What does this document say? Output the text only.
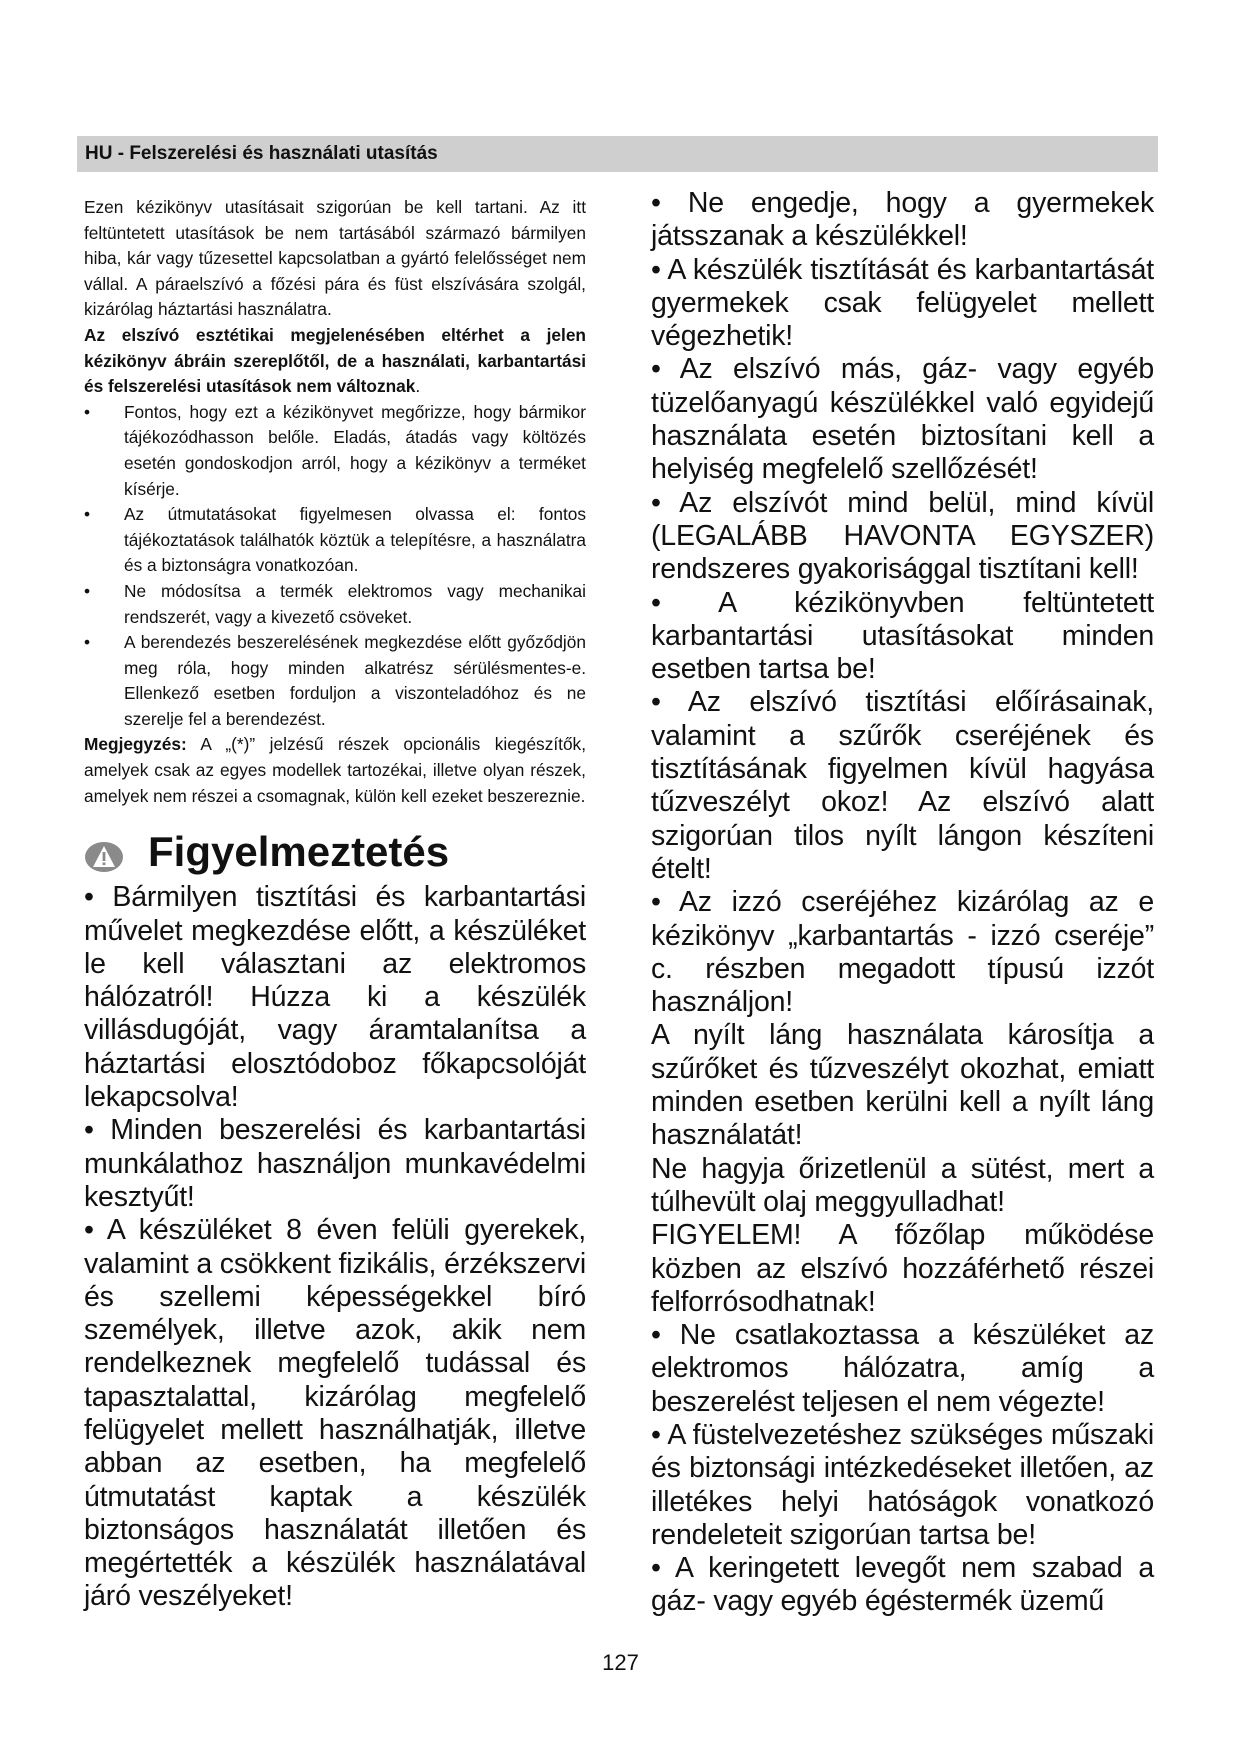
HU - Felszerelési és használati utasítás

Ezen kézikönyv utasításait szigorúan be kell tartani. Az itt feltüntetett utasítások be nem tartásából származó bármilyen hiba, kár vagy tűzesettel kapcsolatban a gyártó felelősséget nem vállal. A páraelszívó a főzési pára és füst elszívására szolgál, kizárólag háztartási használatra.

Az elszívó esztétikai megjelenésében eltérhet a jelen kézikönyv ábráin szereplőtől, de a használati, karbantartási és felszerelési utasítások nem változnak.

•	Fontos, hogy ezt a kézikönyvet megőrizze, hogy bármikor tájékozódhasson belőle. Eladás, átadás vagy költözés esetén gondoskodjon arról, hogy a kézikönyv a terméket kísérje.
•	Az útmutatásokat figyelmesen olvassa el: fontos tájékoztatások találhatók köztük a telepítésre, a használatra és a biztonságra vonatkozóan.
•	Ne módosítsa a termék elektromos vagy mechanikai rendszerét, vagy a kivezető csöveket.
•	A berendezés beszerelésének megkezdése előtt győződjön meg róla, hogy minden alkatrész sérülésmentes-e. Ellenkező esetben forduljon a viszonteladóhoz és ne szerelje fel a berendezést.

Megjegyzés: A „(*)” jelzésű részek opcionális kiegészítők, amelyek csak az egyes modellek tartozékai, illetve olyan részek, amelyek nem részei a csomagnak, külön kell ezeket beszereznie.

Figyelmeztetés

• Bármilyen tisztítási és karbantartási művelet megkezdése előtt, a készüléket le kell választani az elektromos hálózatról! Húzza ki a készülék villásdugóját, vagy áramtalanítsa a háztartási elosztódoboz főkapcsolóját lekapcsolva!

• Minden beszerelési és karbantartási munkálathoz használjon munkavédelmi kesztyűt!

• A készüléket 8 éven felüli gyerekek, valamint a csökkent fizikális, érzékszervi és szellemi képességekkel bíró személyek, illetve azok, akik nem rendelkeznek megfelelő tudással és tapasztalattal, kizárólag megfelelő felügyelet mellett használhatják, illetve abban az esetben, ha megfelelő útmutatást kaptak a készülék biztonságos használatát illetően és megértették a készülék használatával járó veszélyeket!

• Ne engedje, hogy a gyermekek játsszanak a készülékkel!

• A készülék tisztítását és karbantartását gyermekek csak felügyelet mellett végezhetik!

• Az elszívó más, gáz- vagy egyéb tüzelőanyagú készülékkel való egyidejű használata esetén biztosítani kell a helyiség megfelelő szellőzését!

• Az elszívót mind belül, mind kívül (LEGALÁBB HAVONTA EGYSZER) rendszeres gyakorisággal tisztítani kell!

• A kézikönyvben feltüntetett karbantartási utasításokat minden esetben tartsa be!

• Az elszívó tisztítási előírásainak, valamint a szűrők cseréjének és tisztításának figyelmen kívül hagyása tűzveszélyt okoz! Az elszívó alatt szigorúan tilos nyílt lángon készíteni ételt!

• Az izzó cseréjéhez kizárólag az e kézikönyv „karbantartás - izzó cseréje” c. részben megadott típusú izzót használjon!

A nyílt láng használata károsítja a szűrőket és tűzveszélyt okozhat, emiatt minden esetben kerülni kell a nyílt láng használatát!

Ne hagyja őrizetlenül a sütést, mert a túlhevült olaj meggyulladhat!

FIGYELEM! A főzőlap működése közben az elszívó hozzáférhető részei felforrósodhatnak!

• Ne csatlakoztassa a készüléket az elektromos hálózatra, amíg a beszerelést teljesen el nem végezte!

• A füstelvezetéshez szükséges műszaki és biztonsági intézkedéseket illetően, az illetékes helyi hatóságok vonatkozó rendeleteit szigorúan tartsa be!

• A keringetett levegőt nem szabad a gáz- vagy egyéb égéstermék üzemű

127
